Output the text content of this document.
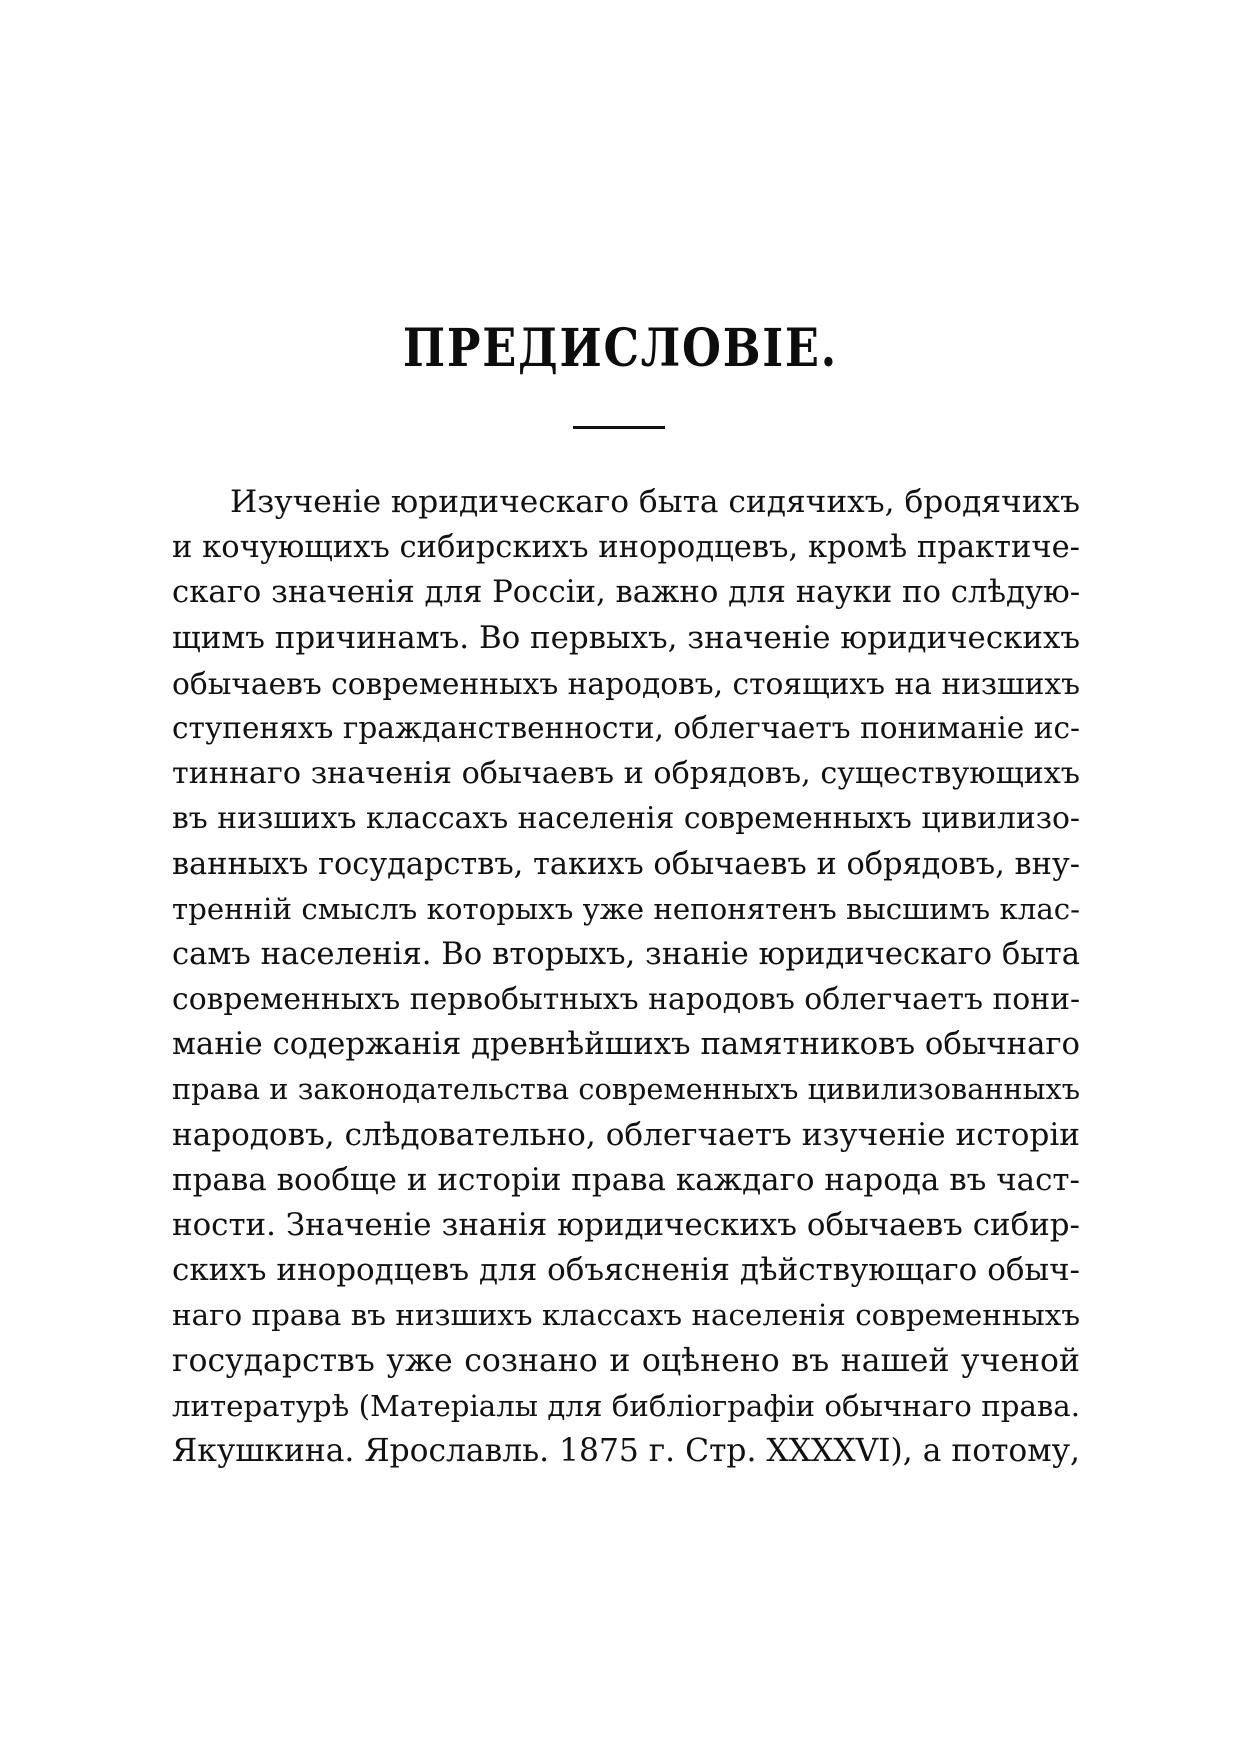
ПРЕДИСЛОВІЕ.
Изученіе юридическаго быта сидячихъ, бродячихъ
и кочующихъ сибирскихъ инородцевъ, кромѣ практиче-
скаго значенія для Россіи, важно для науки по слѣдую-
щимъ причинамъ. Во первыхъ, значеніе юридическихъ
обычаевъ современныхъ народовъ, стоящихъ на низшихъ
ступеняхъ гражданственности, облегчаетъ пониманіе ис-
тиннаго значенія обычаевъ и обрядовъ, существующихъ
въ низшихъ классахъ населенія современныхъ цивилизо-
ванныхъ государствъ, такихъ обычаевъ и обрядовъ, вну-
тренній смыслъ которыхъ уже непонятенъ высшимъ клас-
самъ населенія. Во вторыхъ, знаніе юридическаго быта
современныхъ первобытныхъ народовъ облегчаетъ пони-
маніе содержанія древнѣйшихъ памятниковъ обычнаго
права и законодательства современныхъ цивилизованныхъ
народовъ, слѣдовательно, облегчаетъ изученіе исторіи
права вообще и исторіи права каждаго народа въ част-
ности. Значеніе знанія юридическихъ обычаевъ сибир-
скихъ инородцевъ для объясненія дѣйствующаго обыч-
наго права въ низшихъ классахъ населенія современныхъ
государствъ уже сознано и оцѣнено въ нашей ученой
литературѣ (Матеріалы для библіографіи обычнаго права.
Якушкина. Ярославль. 1875 г. Стр. XXXXVI), а потому,
